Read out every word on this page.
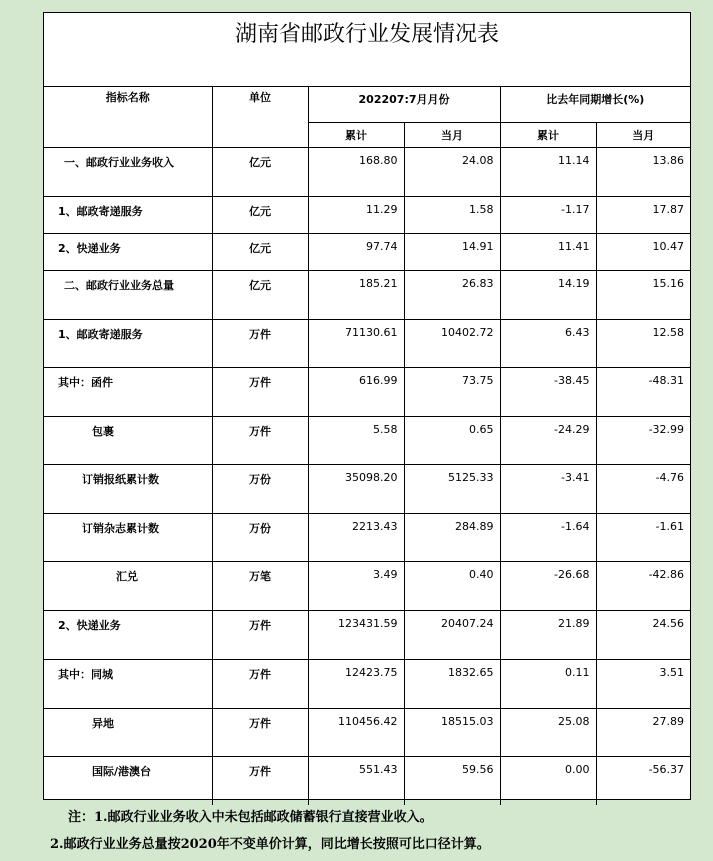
湖南省邮政行业发展情况表
指标名称	单位	202207:7月月份		比去年同期增长(%)	
		累计	当月	累计	当月
一、邮政行业业务收入	亿元	168.80	24.08	11.14	13.86
1、邮政寄递服务	亿元	11.29	1.58	-1.17	17.87
2、快递业务	亿元	97.74	14.91	11.41	10.47
二、邮政行业业务总量	亿元	185.21	26.83	14.19	15.16
1、邮政寄递服务	万件	71130.61	10402.72	6.43	12.58
其中：函件	万件	616.99	73.75	-38.45	-48.31
包裹	万件	5.58	0.65	-24.29	-32.99
订销报纸累计数	万份	35098.20	5125.33	-3.41	-4.76
订销杂志累计数	万份	2213.43	284.89	-1.64	-1.61
汇兑	万笔	3.49	0.40	-26.68	-42.86
2、快递业务	万件	123431.59	20407.24	21.89	24.56
其中：同城	万件	12423.75	1832.65	0.11	3.51
异地	万件	110456.42	18515.03	25.08	27.89
国际/港澳台	万件	551.43	59.56	0.00	-56.37
注：1.邮政行业业务收入中未包括邮政储蓄银行直接营业收入。
2.邮政行业业务总量按2020年不变单价计算，同比增长按照可比口径计算。
